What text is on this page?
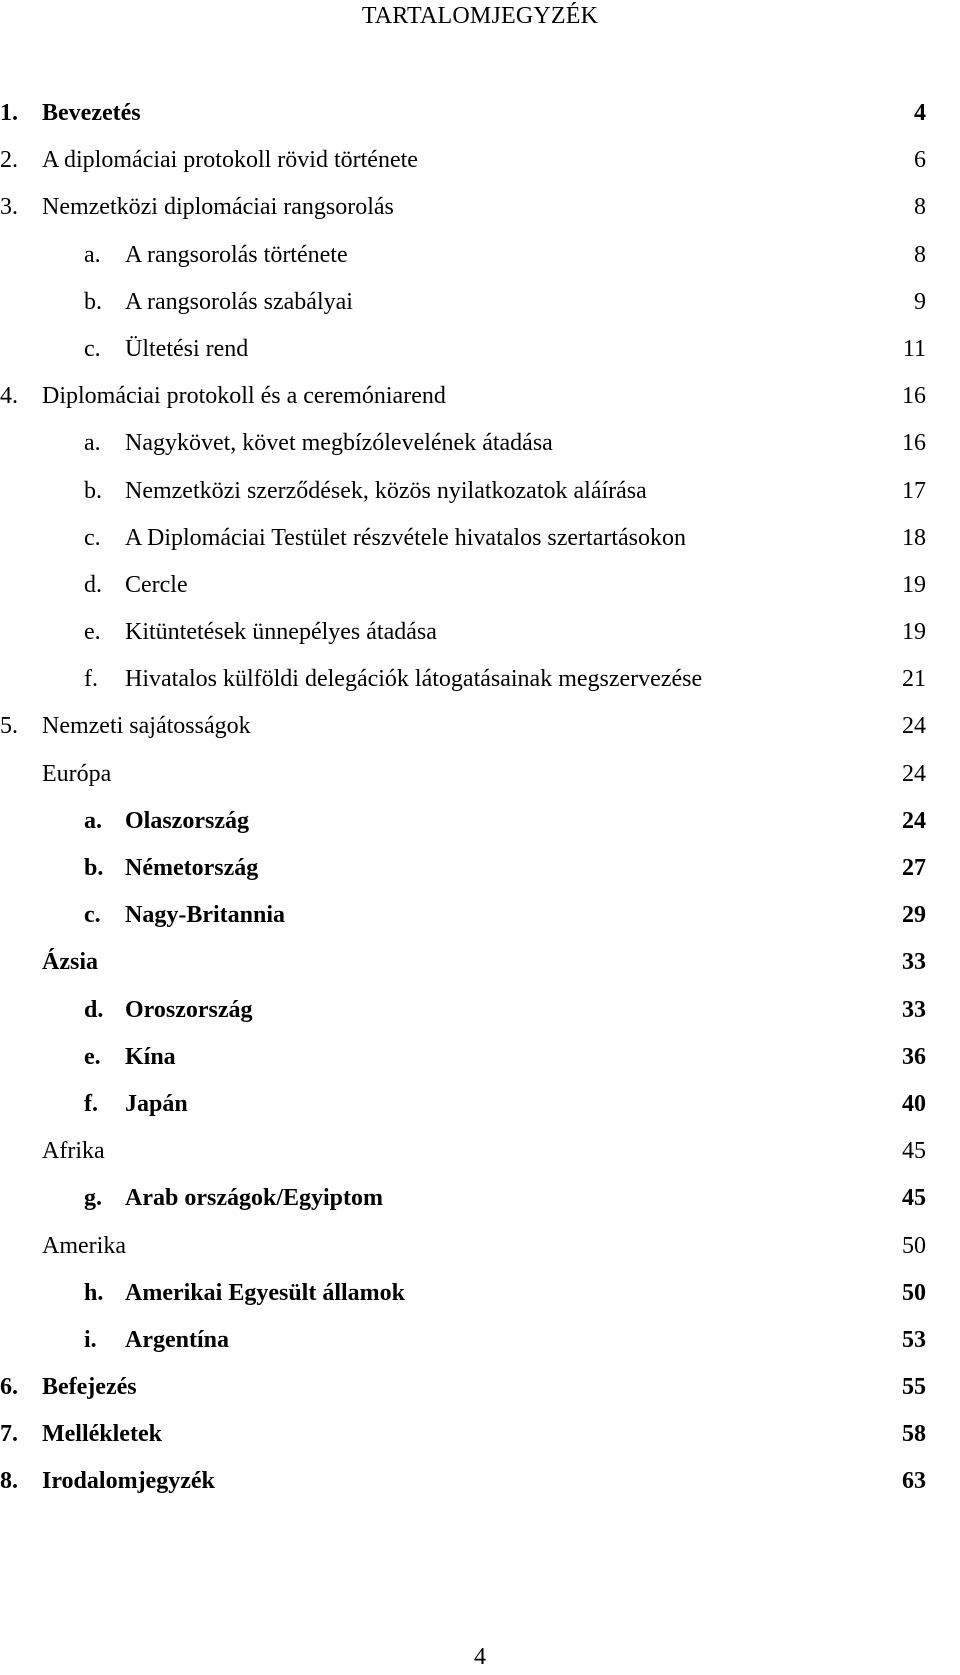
TARTALOMJEGYZÉK
1. Bevezetés	4
2. A diplomáciai protokoll rövid története	6
3. Nemzetközi diplomáciai rangsorolás	8
a. A rangsorolás története	8
b. A rangsorolás szabályai	9
c. Ültetési rend	11
4. Diplomáciai protokoll és a ceremóniarend	16
a. Nagykövet, követ megbízólevelének átadása	16
b. Nemzetközi szerződések, közös nyilatkozatok aláírása	17
c. A Diplomáciai Testület részvétele hivatalos szertartásokon	18
d. Cercle	19
e. Kitüntetések ünnepélyes átadása	19
f. Hivatalos külföldi delegációk látogatásainak megszervezése	21
5. Nemzeti sajátosságok	24
Európa	24
a. Olaszország	24
b. Németország	27
c. Nagy-Britannia	29
Ázsia	33
d. Oroszország	33
e. Kína	36
f. Japán	40
Afrika	45
g. Arab országok/Egyiptom	45
Amerika	50
h. Amerikai Egyesült államok	50
i. Argentína	53
6. Befejezés	55
7. Mellékletek	58
8. Irodalomjegyzék	63
4
